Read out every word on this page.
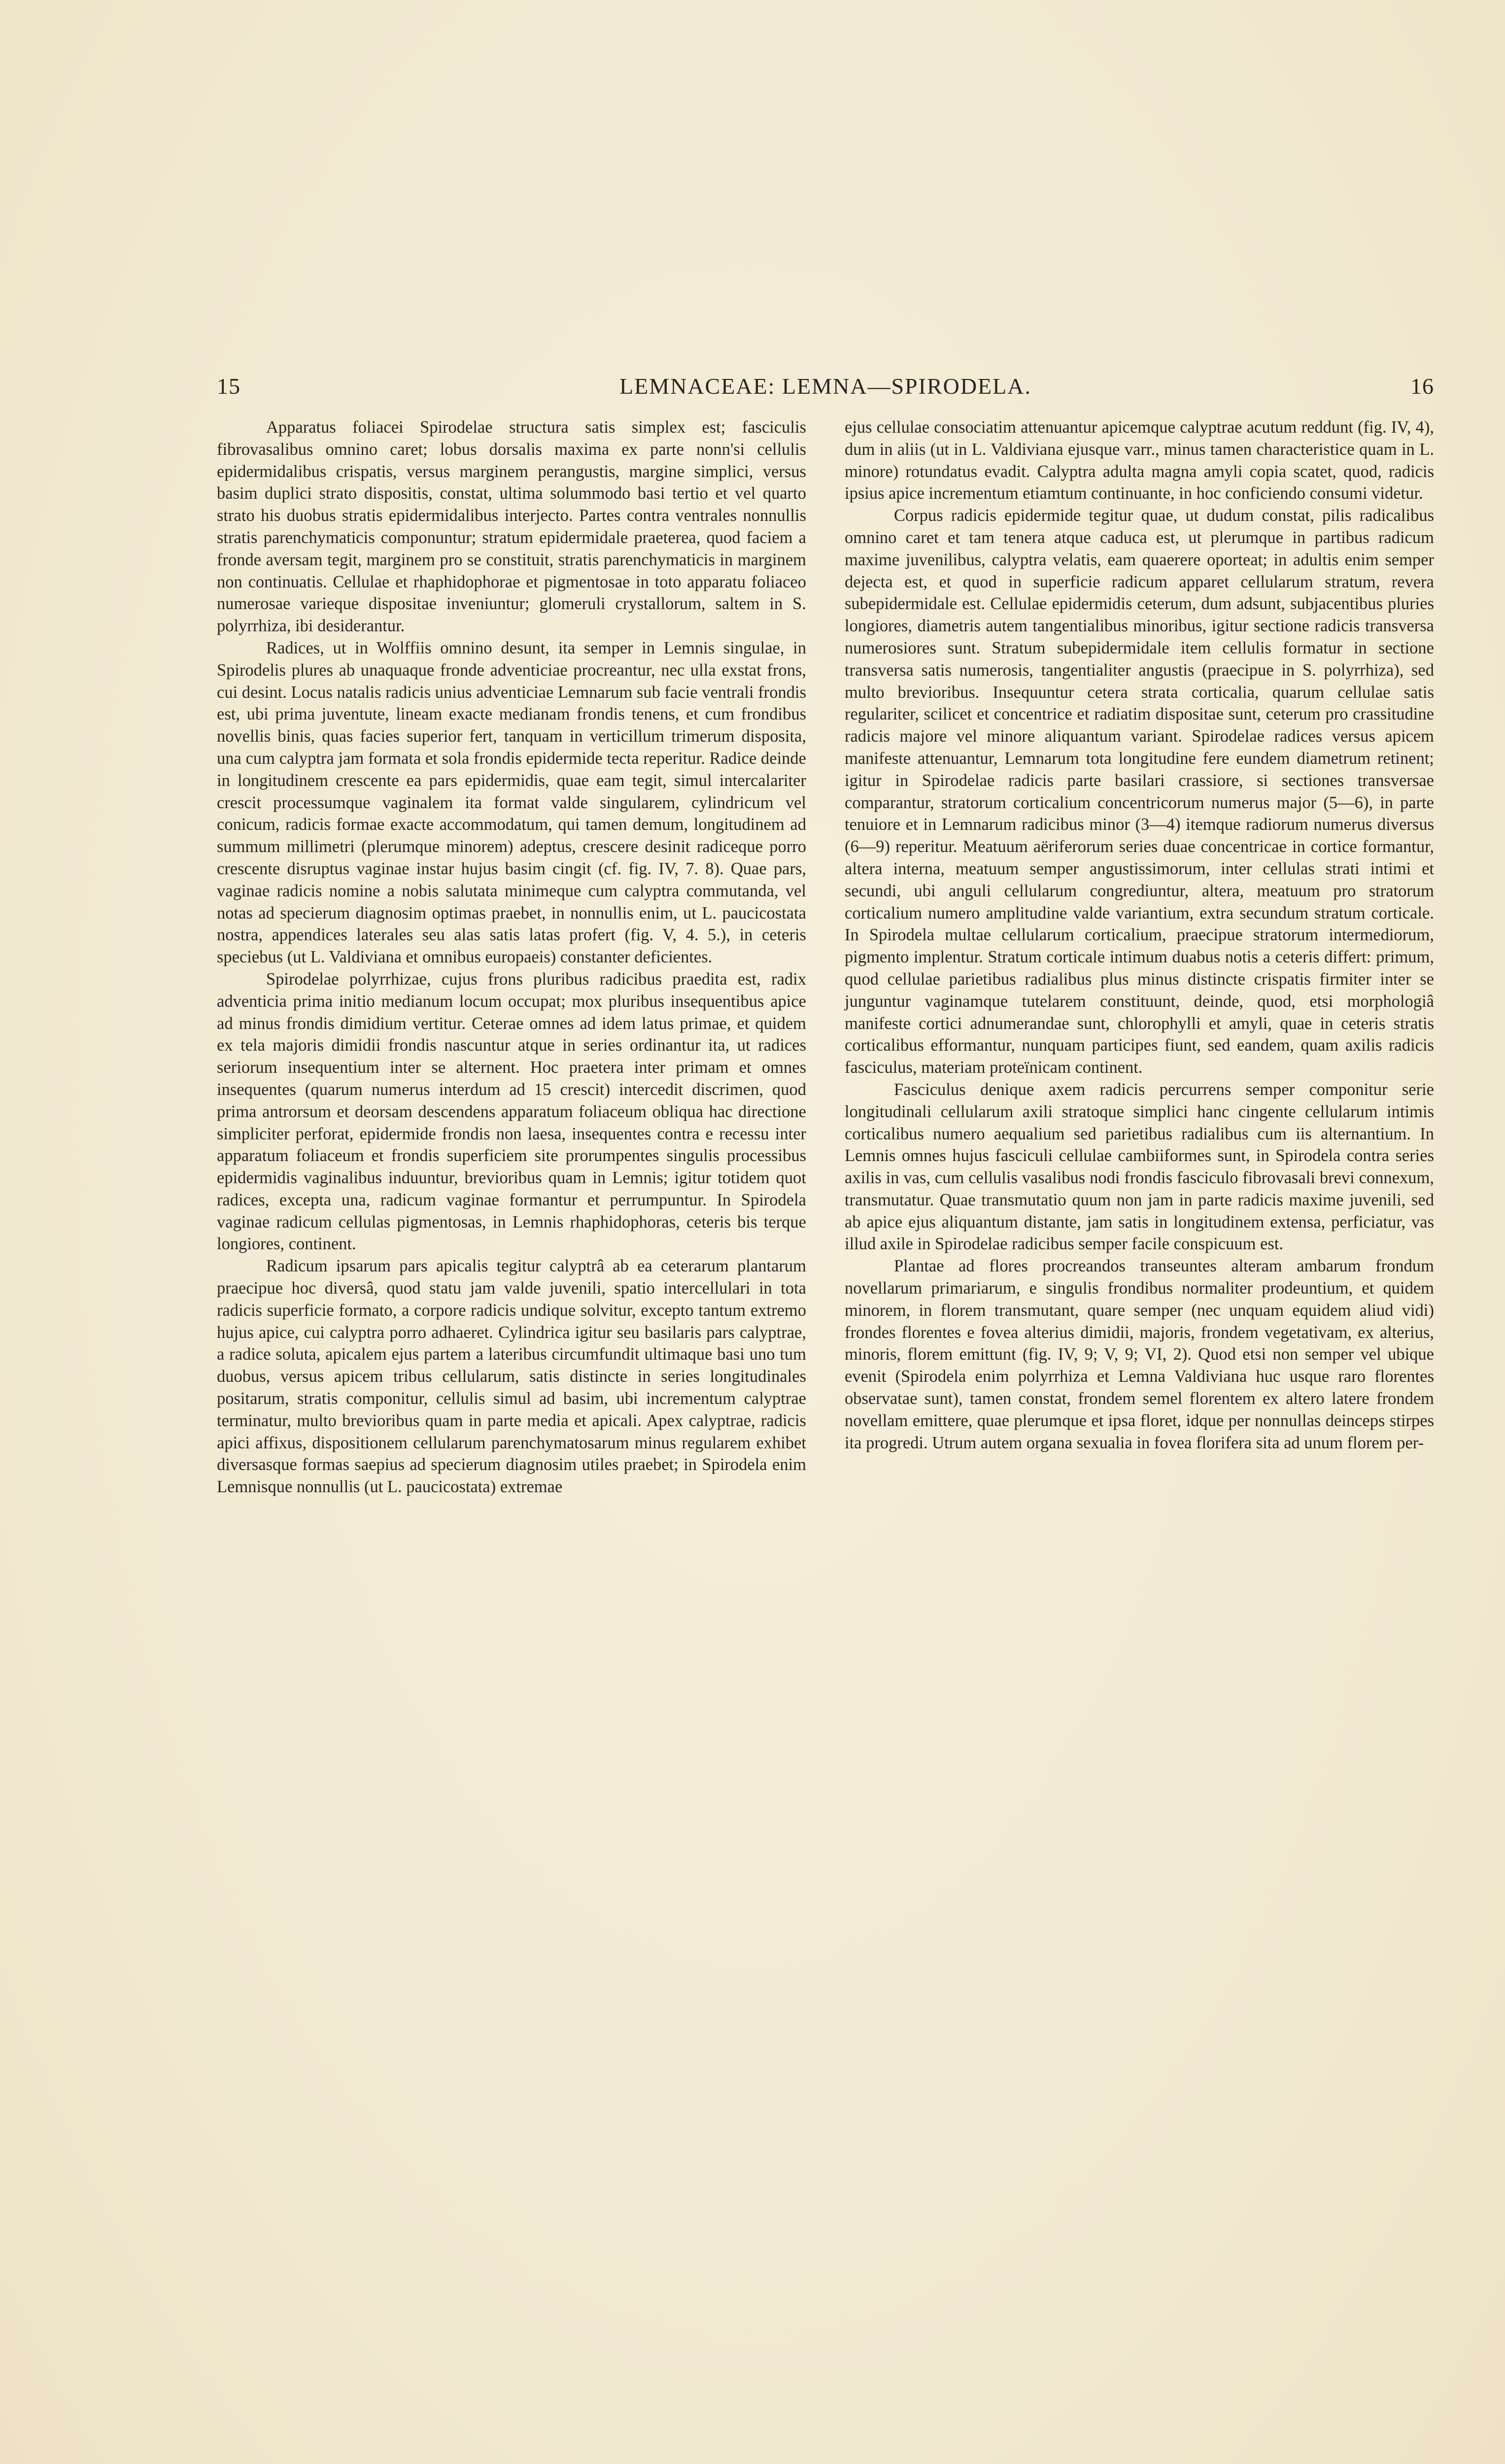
15	LEMNACEAE: LEMNA—SPIRODELA.	16

Apparatus foliacei Spirodelae structura satis simplex est; fasciculis fibrovasalibus omnino caret; lobus dorsalis maxima ex parte nonn'si cellulis epidermidalibus crispatis, versus marginem perangustis, margine simplici, versus basim duplici strato dispositis, constat, ultima solummodo basi tertio et vel quarto strato his duobus stratis epidermidalibus interjecto. Partes contra ventrales nonnullis stratis parenchymaticis componuntur; stratum epidermidale praeterea, quod faciem a fronde aversam tegit, marginem pro se constituit, stratis parenchymaticis in marginem non continuatis. Cellulae et rhaphidophorae et pigmentosae in toto apparatu foliaceo numerosae varieque dispositae inveniuntur; glomeruli crystallorum, saltem in S. polyrrhiza, ibi desiderantur.

Radices, ut in Wolffiis omnino desunt, ita semper in Lemnis singulae, in Spirodelis plures ab unaquaque fronde adventiciae procreantur, nec ulla exstat frons, cui desint. Locus natalis radicis unius adventiciae Lemnarum sub facie ventrali frondis est, ubi prima juventute, lineam exacte medianam frondis tenens, et cum frondibus novellis binis, quas facies superior fert, tanquam in verticillum trimerum disposita, una cum calyptra jam formata et sola frondis epidermide tecta reperitur. Radice deinde in longitudinem crescente ea pars epidermidis, quae eam tegit, simul intercalariter crescit processumque vaginalem ita format valde singularem, cylindricum vel conicum, radicis formae exacte accommodatum, qui tamen demum, longitudinem ad summum millimetri (plerumque minorem) adeptus, crescere desinit radiceque porro crescente disruptus vaginae instar hujus basim cingit (cf. fig. IV, 7. 8). Quae pars, vaginae radicis nomine a nobis salutata minimeque cum calyptra commutanda, vel notas ad specierum diagnosim optimas praebet, in nonnullis enim, ut L. paucicostata nostra, appendices laterales seu alas satis latas profert (fig. V, 4. 5.), in ceteris speciebus (ut L. Valdiviana et omnibus europaeis) constanter deficientes.

Spirodelae polyrrhizae, cujus frons pluribus radicibus praedita est, radix adventicia prima initio medianum locum occupat; mox pluribus insequentibus apice ad minus frondis dimidium vertitur. Ceterae omnes ad idem latus primae, et quidem ex tela majoris dimidii frondis nascuntur atque in series ordinantur ita, ut radices seriorum insequentium inter se alternent. Hoc praetera inter primam et omnes insequentes (quarum numerus interdum ad 15 crescit) intercedit discrimen, quod prima antrorsum et deorsam descendens apparatum foliaceum obliqua hac directione simpliciter perforat, epidermide frondis non laesa, insequentes contra e recessu inter apparatum foliaceum et frondis superficiem site prorumpentes singulis processibus epidermidis vaginalibus induuntur, brevioribus quam in Lemnis; igitur totidem quot radices, excepta una, radicum vaginae formantur et perrumpuntur. In Spirodela vaginae radicum cellulas pigmentosas, in Lemnis rhaphidophoras, ceteris bis terque longiores, continent.

Radicum ipsarum pars apicalis tegitur calyptrâ ab ea ceterarum plantarum praecipue hoc diversâ, quod statu jam valde juvenili, spatio intercellulari in tota radicis superficie formato, a corpore radicis undique solvitur, excepto tantum extremo hujus apice, cui calyptra porro adhaeret. Cylindrica igitur seu basilaris pars calyptrae, a radice soluta, apicalem ejus partem a lateribus circumfundit ultimaque basi uno tum duobus, versus apicem tribus cellularum, satis distincte in series longitudinales positarum, stratis componitur, cellulis simul ad basim, ubi incrementum calyptrae terminatur, multo brevioribus quam in parte media et apicali. Apex calyptrae, radicis apici affixus, dispositionem cellularum parenchymatosarum minus regularem exhibet diversasque formas saepius ad specierum diagnosim utiles praebet; in Spirodela enim Lemnisque nonnullis (ut L. paucicostata) extremae

ejus cellulae consociatim attenuantur apicemque calyptrae acutum reddunt (fig. IV, 4), dum in aliis (ut in L. Valdiviana ejusque varr., minus tamen characteristice quam in L. minore) rotundatus evadit. Calyptra adulta magna amyli copia scatet, quod, radicis ipsius apice incrementum etiamtum continuante, in hoc conficiendo consumi videtur.

Corpus radicis epidermide tegitur quae, ut dudum constat, pilis radicalibus omnino caret et tam tenera atque caduca est, ut plerumque in partibus radicum maxime juvenilibus, calyptra velatis, eam quaerere oporteat; in adultis enim semper dejecta est, et quod in superficie radicum apparet cellularum stratum, revera subepidermidale est. Cellulae epidermidis ceterum, dum adsunt, subjacentibus pluries longiores, diametris autem tangentialibus minoribus, igitur sectione radicis transversa numerosiores sunt. Stratum subepidermidale item cellulis formatur in sectione transversa satis numerosis, tangentialiter angustis (praecipue in S. polyrrhiza), sed multo brevioribus. Insequuntur cetera strata corticalia, quarum cellulae satis regulariter, scilicet et concentrice et radiatim dispositae sunt, ceterum pro crassitudine radicis majore vel minore aliquantum variant. Spirodelae radices versus apicem manifeste attenuantur, Lemnarum tota longitudine fere eundem diametrum retinent; igitur in Spirodelae radicis parte basilari crassiore, si sectiones transversae comparantur, stratorum corticalium concentricorum numerus major (5—6), in parte tenuiore et in Lemnarum radicibus minor (3—4) itemque radiorum numerus diversus (6—9) reperitur. Meatuum aëriferorum series duae concentricae in cortice formantur, altera interna, meatuum semper angustissimorum, inter cellulas strati intimi et secundi, ubi anguli cellularum congrediuntur, altera, meatuum pro stratorum corticalium numero amplitudine valde variantium, extra secundum stratum corticale. In Spirodela multae cellularum corticalium, praecipue stratorum intermediorum, pigmento implentur. Stratum corticale intimum duabus notis a ceteris differt: primum, quod cellulae parietibus radialibus plus minus distincte crispatis firmiter inter se junguntur vaginamque tutelarem constituunt, deinde, quod, etsi morphologiâ manifeste cortici adnumerandae sunt, chlorophylli et amyli, quae in ceteris stratis corticalibus efformantur, nunquam participes fiunt, sed eandem, quam axilis radicis fasciculus, materiam proteïnicam continent.

Fasciculus denique axem radicis percurrens semper componitur serie longitudinali cellularum axili stratoque simplici hanc cingente cellularum intimis corticalibus numero aequalium sed parietibus radialibus cum iis alternantium. In Lemnis omnes hujus fasciculi cellulae cambiiformes sunt, in Spirodela contra series axilis in vas, cum cellulis vasalibus nodi frondis fasciculo fibrovasali brevi connexum, transmutatur. Quae transmutatio quum non jam in parte radicis maxime juvenili, sed ab apice ejus aliquantum distante, jam satis in longitudinem extensa, perficiatur, vas illud axile in Spirodelae radicibus semper facile conspicuum est.

Plantae ad flores procreandos transeuntes alteram ambarum frondum novellarum primariarum, e singulis frondibus normaliter prodeuntium, et quidem minorem, in florem transmutant, quare semper (nec unquam equidem aliud vidi) frondes florentes e fovea alterius dimidii, majoris, frondem vegetativam, ex alterius, minoris, florem emittunt (fig. IV, 9; V, 9; VI, 2). Quod etsi non semper vel ubique evenit (Spirodela enim polyrrhiza et Lemna Valdiviana huc usque raro florentes observatae sunt), tamen constat, frondem semel florentem ex altero latere frondem novellam emittere, quae plerumque et ipsa floret, idque per nonnullas deinceps stirpes ita progredi. Utrum autem organa sexualia in fovea florifera sita ad unum florem per-
